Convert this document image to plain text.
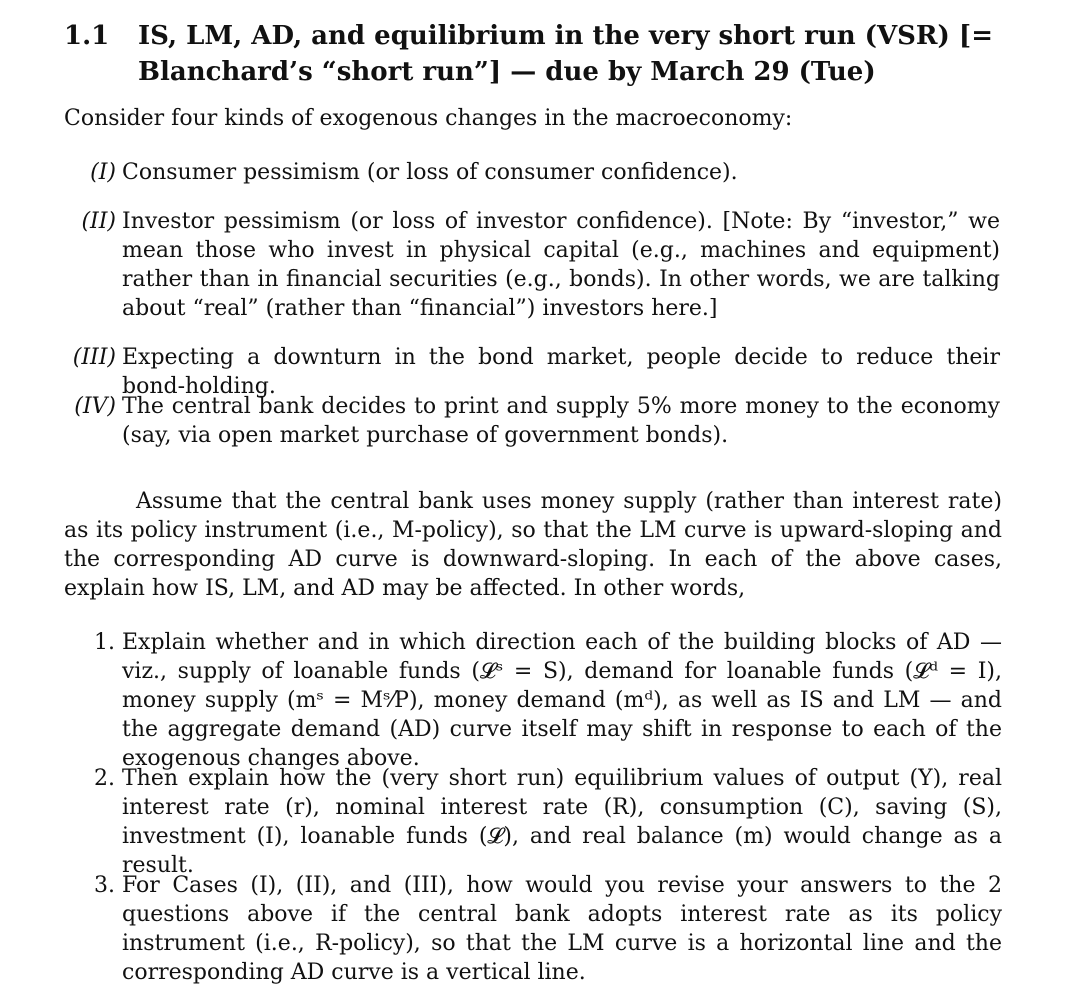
1.1 IS, LM, AD, and equilibrium in the very short run (VSR) [= Blanchard’s “short run”] — due by March 29 (Tue)
Consider four kinds of exogenous changes in the macroeconomy:
(I) Consumer pessimism (or loss of consumer confidence).
(II) Investor pessimism (or loss of investor confidence). [Note: By “investor,” we mean those who invest in physical capital (e.g., machines and equipment) rather than in financial securities (e.g., bonds). In other words, we are talking about “real” (rather than “financial”) investors here.]
(III) Expecting a downturn in the bond market, people decide to reduce their bond-holding.
(IV) The central bank decides to print and supply 5% more money to the economy (say, via open market purchase of government bonds).
Assume that the central bank uses money supply (rather than interest rate) as its policy instrument (i.e., M-policy), so that the LM curve is upward-sloping and the corresponding AD curve is downward-sloping. In each of the above cases, explain how IS, LM, and AD may be affected. In other words,
1. Explain whether and in which direction each of the building blocks of AD — viz., supply of loanable funds (𝓛ˢ = S), demand for loanable funds (𝓛ᵈ = I), money supply (mˢ = Mˢ⁄P), money demand (mᵈ), as well as IS and LM — and the aggregate demand (AD) curve itself may shift in response to each of the exogenous changes above.
2. Then explain how the (very short run) equilibrium values of output (Y), real interest rate (r), nominal interest rate (R), consumption (C), saving (S), investment (I), loanable funds (𝓛), and real balance (m) would change as a result.
3. For Cases (I), (II), and (III), how would you revise your answers to the 2 questions above if the central bank adopts interest rate as its policy instrument (i.e., R-policy), so that the LM curve is a horizontal line and the corresponding AD curve is a vertical line.
